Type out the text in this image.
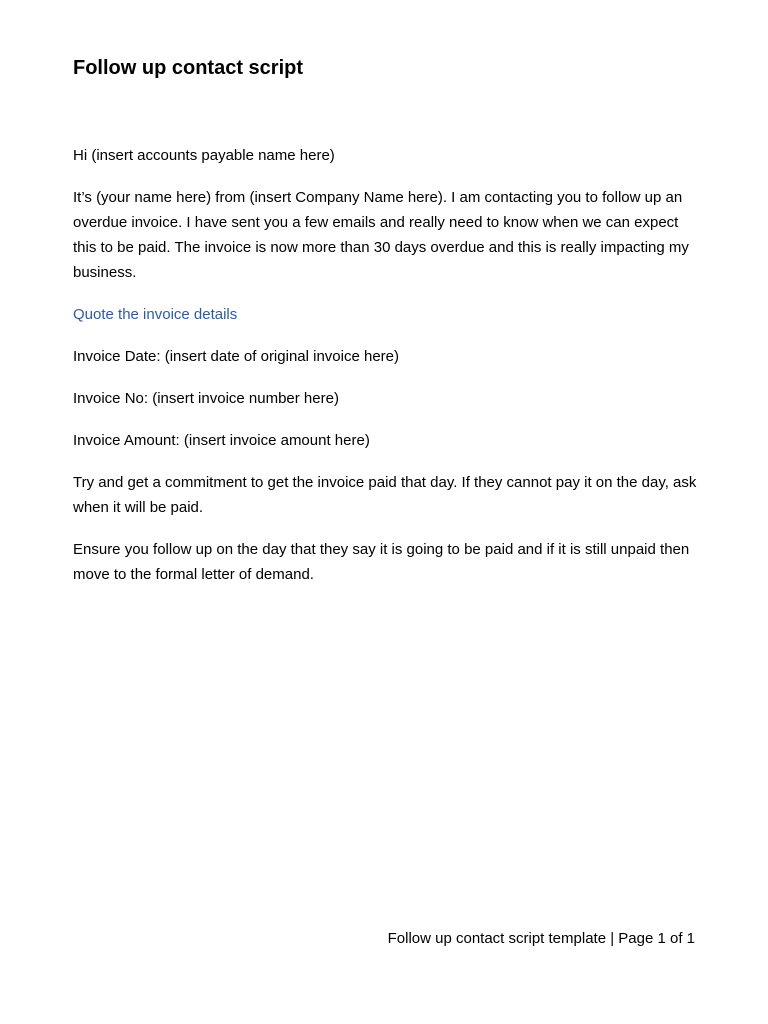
Follow up contact script

Hi (insert accounts payable name here)

It’s (your name here) from (insert Company Name here). I am contacting you to follow up an overdue invoice. I have sent you a few emails and really need to know when we can expect this to be paid. The invoice is now more than 30 days overdue and this is really impacting my business.

Quote the invoice details

Invoice Date: (insert date of original invoice here)

Invoice No: (insert invoice number here)

Invoice Amount: (insert invoice amount here)

Try and get a commitment to get the invoice paid that day. If they cannot pay it on the day, ask when it will be paid.

Ensure you follow up on the day that they say it is going to be paid and if it is still unpaid then move to the formal letter of demand.

Follow up contact script template | Page 1 of 1
